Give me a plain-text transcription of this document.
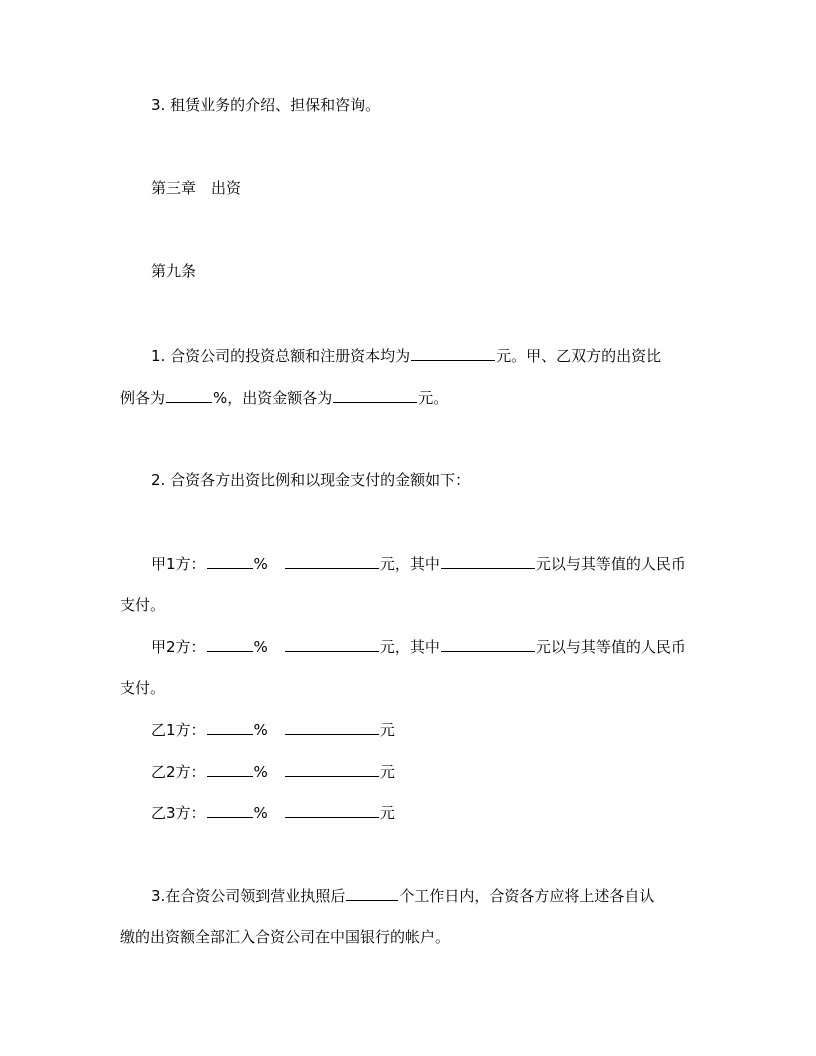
3. 租赁业务的介绍、担保和咨询。
第三章　出资
第九条
1. 合资公司的投资总额和注册资本均为	元。甲、乙双方的出资比
例各为	%，出资金额各为	元。
2. 合资各方出资比例和以现金支付的金额如下：
甲1方：	%	元，其中	元以与其等值的人民币
支付。
甲2方：	%	元，其中	元以与其等值的人民币
支付。
乙1方：	%	元
乙2方：	%	元
乙3方：	%	元
3.在合资公司领到营业执照后	个工作日内，合资各方应将上述各自认
缴的出资额全部汇入合资公司在中国银行的帐户。
